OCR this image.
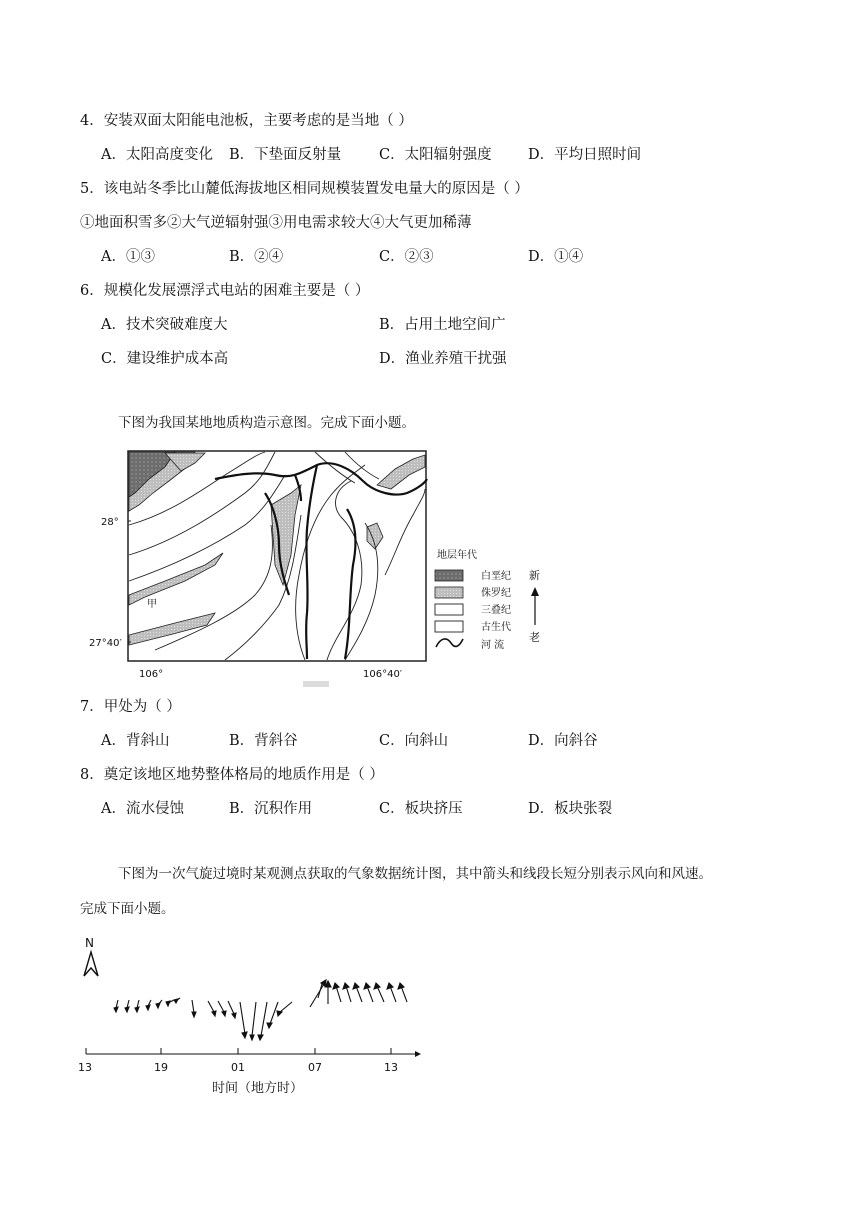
4．安装双面太阳能电池板，主要考虑的是当地（ ）
A．太阳高度变化 B．下垫面反射量	C．太阳辐射强度	D．平均日照时间
5．该电站冬季比山麓低海拔地区相同规模装置发电量大的原因是（ ）
①地面积雪多②大气逆辐射强③用电需求较大④大气更加稀薄
A．①③	B．②④	C．②③	D．①④
6．规模化发展漂浮式电站的困难主要是（ ）
A．技术突破难度大	B．占用土地空间广
C．建设维护成本高	D．渔业养殖干扰强
下图为我国某地地质构造示意图。完成下面小题。
28°
27°40′
106°	106°40′
甲
地层年代
白垩纪
侏罗纪
三叠纪
古生代
河 流
新
老
7．甲处为（ ）
A．背斜山	B．背斜谷	C．向斜山	D．向斜谷
8．奠定该地区地势整体格局的地质作用是（ ）
A．流水侵蚀	B．沉积作用	C．板块挤压	D．板块张裂
下图为一次气旋过境时某观测点获取的气象数据统计图，其中箭头和线段长短分别表示风向和风速。
完成下面小题。
N
13	19	01	07	13
时间（地方时）
